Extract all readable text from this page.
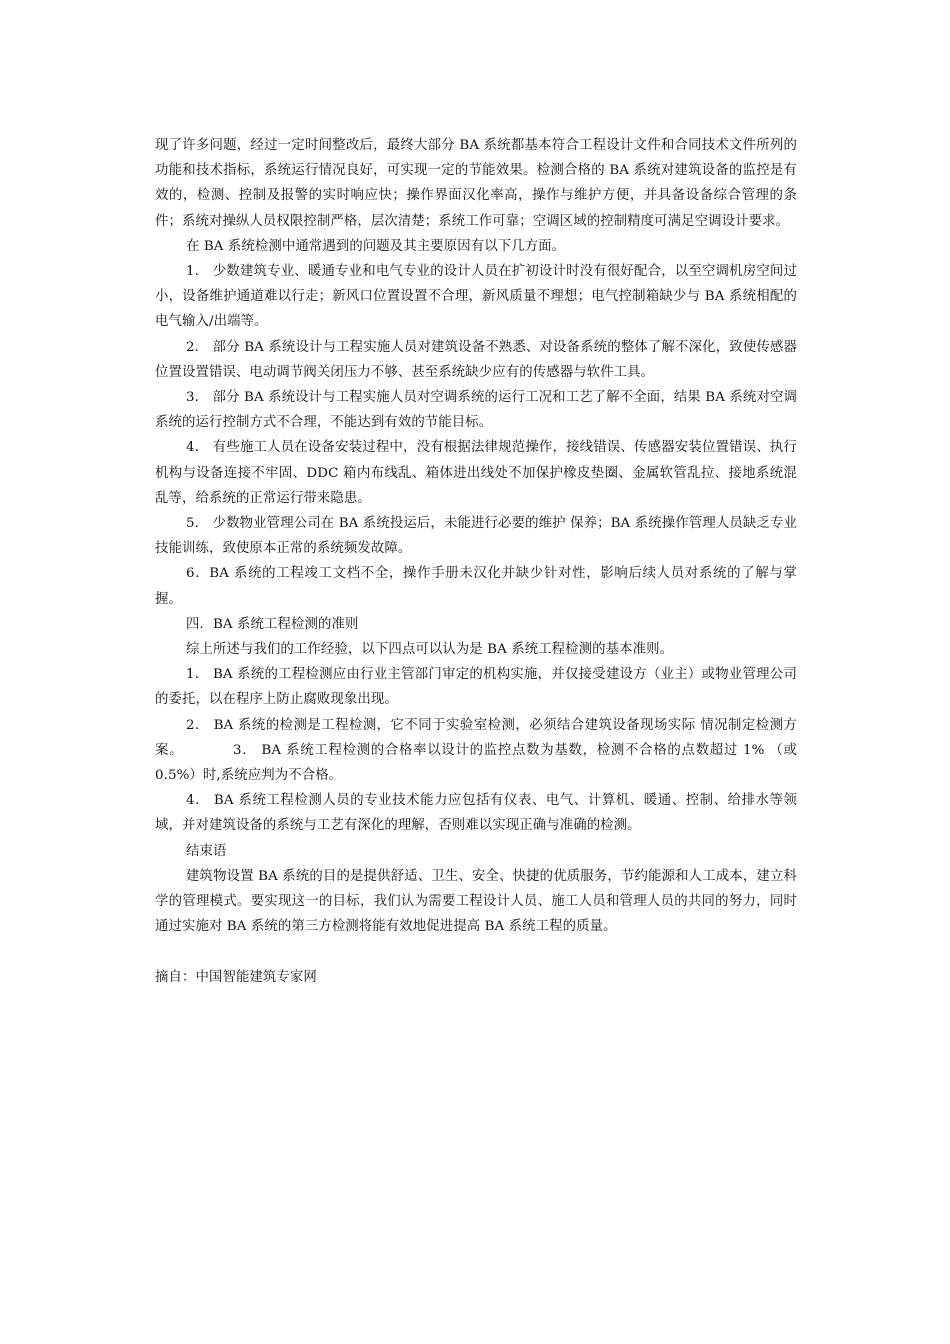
现了许多问题，经过一定时间整改后，最终大部分 BA 系统都基本符合工程设计文件和合同技术文件所列的功能和技术指标，系统运行情况良好，可实现一定的节能效果。检测合格的 BA 系统对建筑设备的监控是有效的，检测、控制及报警的实时响应快；操作界面汉化率高，操作与维护方便，并具备设备综合管理的条件；系统对操纵人员权限控制严格，层次清楚；系统工作可靠；空调区域的控制精度可满足空调设计要求。

在 BA 系统检测中通常遇到的问题及其主要原因有以下几方面。

1． 少数建筑专业、暖通专业和电气专业的设计人员在扩初设计时没有很好配合，以至空调机房空间过小，设备维护通道难以行走；新风口位置设置不合理，新风质量不理想；电气控制箱缺少与 BA 系统相配的电气输入/出端等。

2． 部分 BA 系统设计与工程实施人员对建筑设备不熟悉、对设备系统的整体了解不深化，致使传感器位置设置错误、电动调节阀关闭压力不够、甚至系统缺少应有的传感器与软件工具。

3． 部分 BA 系统设计与工程实施人员对空调系统的运行工况和工艺了解不全面，结果 BA 系统对空调系统的运行控制方式不合理，不能达到有效的节能目标。

4． 有些施工人员在设备安装过程中，没有根据法律规范操作，接线错误、传感器安装位置错误、执行机构与设备连接不牢固、DDC 箱内布线乱、箱体进出线处不加保护橡皮垫圈、金属软管乱拉、接地系统混乱等，给系统的正常运行带来隐患。

5． 少数物业管理公司在 BA 系统投运后，未能进行必要的维护 保养；BA 系统操作管理人员缺乏专业技能训练，致使原本正常的系统频发故障。

6．BA 系统的工程竣工文档不全，操作手册未汉化并缺少针对性，影响后续人员对系统的了解与掌握。

四．BA 系统工程检测的准则

综上所述与我们的工作经验，以下四点可以认为是 BA 系统工程检测的基本准则。

1． BA 系统的工程检测应由行业主管部门审定的机构实施，并仅接受建设方（业主）或物业管理公司的委托，以在程序上防止腐败现象出现。

2． BA 系统的检测是工程检测，它不同于实验室检测，必须结合建筑设备现场实际 情况制定检测方案。　　　　3． BA 系统工程检测的合格率以设计的监控点数为基数，检测不合格的点数超过 1% （或 0.5%）时,系统应判为不合格。

4． BA 系统工程检测人员的专业技术能力应包括有仪表、电气、计算机、暖通、控制、给排水等领域，并对建筑设备的系统与工艺有深化的理解，否则难以实现正确与准确的检测。

结束语

建筑物设置 BA 系统的目的是提供舒适、卫生、安全、快捷的优质服务，节约能源和人工成本，建立科学的管理模式。要实现这一的目标，我们认为需要工程设计人员、施工人员和管理人员的共同的努力，同时通过实施对 BA 系统的第三方检测将能有效地促进提高 BA 系统工程的质量。

摘自：中国智能建筑专家网
